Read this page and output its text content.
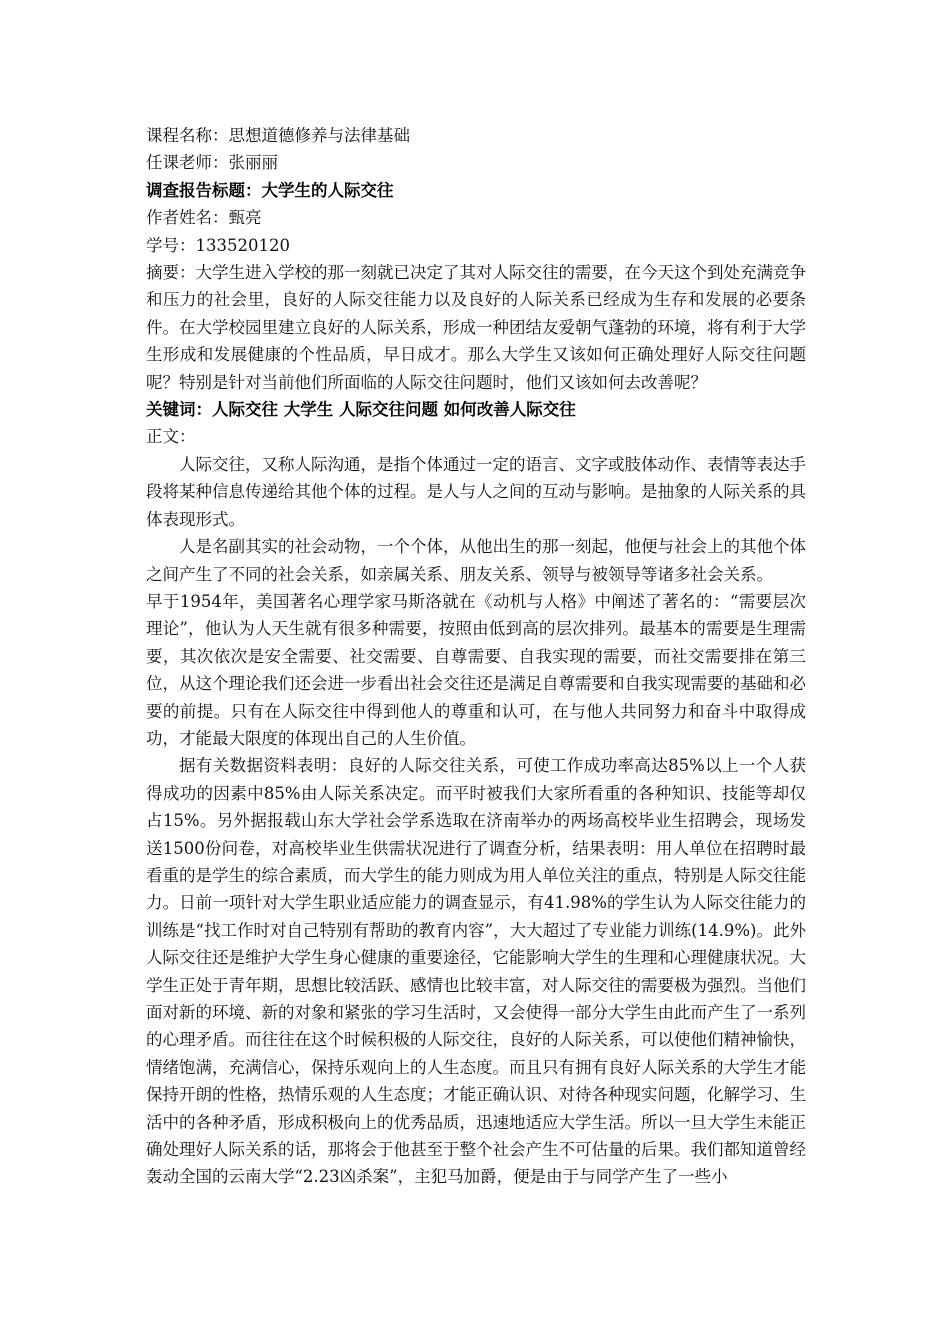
课程名称：思想道德修养与法律基础

任课老师：张丽丽

调查报告标题：大学生的人际交往

作者姓名：甄亮

学号：133520120

摘要：大学生进入学校的那一刻就已决定了其对人际交往的需要，在今天这个到处充满竞争和压力的社会里，良好的人际交往能力以及良好的人际关系已经成为生存和发展的必要条件。在大学校园里建立良好的人际关系，形成一种团结友爱朝气蓬勃的环境，将有利于大学生形成和发展健康的个性品质，早日成才。那么大学生又该如何正确处理好人际交往问题呢？特别是针对当前他们所面临的人际交往问题时，他们又该如何去改善呢？

关键词：人际交往 大学生 人际交往问题 如何改善人际交往

正文：

人际交往，又称人际沟通，是指个体通过一定的语言、文字或肢体动作、表情等表达手段将某种信息传递给其他个体的过程。是人与人之间的互动与影响。是抽象的人际关系的具体表现形式。

人是名副其实的社会动物，一个个体，从他出生的那一刻起，他便与社会上的其他个体之间产生了不同的社会关系，如亲属关系、朋友关系、领导与被领导等诸多社会关系。

早于1954年，美国著名心理学家马斯洛就在《动机与人格》中阐述了著名的：“需要层次理论”，他认为人天生就有很多种需要，按照由低到高的层次排列。最基本的需要是生理需要，其次依次是安全需要、社交需要、自尊需要、自我实现的需要，而社交需要排在第三位，从这个理论我们还会进一步看出社会交往还是满足自尊需要和自我实现需要的基础和必要的前提。只有在人际交往中得到他人的尊重和认可，在与他人共同努力和奋斗中取得成功，才能最大限度的体现出自己的人生价值。

据有关数据资料表明：良好的人际交往关系，可使工作成功率高达85%以上一个人获得成功的因素中85%由人际关系决定。而平时被我们大家所看重的各种知识、技能等却仅占15%。另外据报载山东大学社会学系选取在济南举办的两场高校毕业生招聘会，现场发送1500份问卷，对高校毕业生供需状况进行了调查分析，结果表明：用人单位在招聘时最看重的是学生的综合素质，而大学生的能力则成为用人单位关注的重点，特别是人际交往能力。日前一项针对大学生职业适应能力的调查显示，有41.98%的学生认为人际交往能力的训练是“找工作时对自己特别有帮助的教育内容”，大大超过了专业能力训练(14.9%)。此外人际交往还是维护大学生身心健康的重要途径，它能影响大学生的生理和心理健康状况。大学生正处于青年期，思想比较活跃、感情也比较丰富，对人际交往的需要极为强烈。当他们面对新的环境、新的对象和紧张的学习生活时，又会使得一部分大学生由此而产生了一系列的心理矛盾。而往往在这个时候积极的人际交往，良好的人际关系，可以使他们精神愉快，情绪饱满，充满信心，保持乐观向上的人生态度。而且只有拥有良好人际关系的大学生才能保持开朗的性格，热情乐观的人生态度；才能正确认识、对待各种现实问题，化解学习、生活中的各种矛盾，形成积极向上的优秀品质，迅速地适应大学生活。所以一旦大学生未能正确处理好人际关系的话，那将会于他甚至于整个社会产生不可估量的后果。我们都知道曾经轰动全国的云南大学“2.23凶杀案”，主犯马加爵，便是由于与同学产生了一些小
